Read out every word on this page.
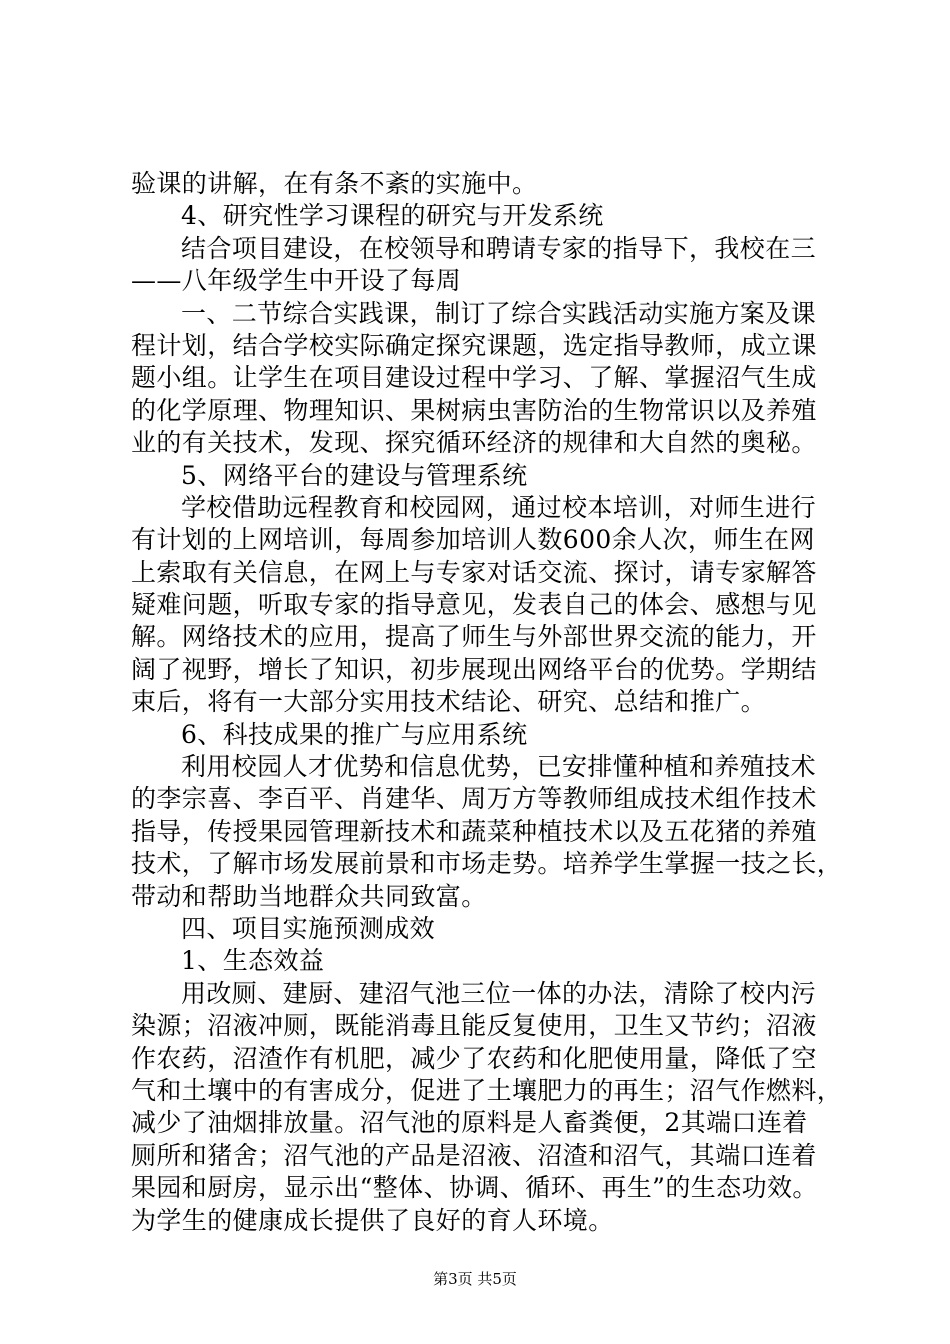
验课的讲解，在有条不紊的实施中。
4、研究性学习课程的研究与开发系统
结合项目建设，在校领导和聘请专家的指导下，我校在三
——八年级学生中开设了每周
一、二节综合实践课，制订了综合实践活动实施方案及课
程计划，结合学校实际确定探究课题，选定指导教师，成立课
题小组。让学生在项目建设过程中学习、了解、掌握沼气生成
的化学原理、物理知识、果树病虫害防治的生物常识以及养殖
业的有关技术，发现、探究循环经济的规律和大自然的奥秘。
5、网络平台的建设与管理系统
学校借助远程教育和校园网，通过校本培训，对师生进行
有计划的上网培训，每周参加培训人数600余人次，师生在网
上索取有关信息，在网上与专家对话交流、探讨，请专家解答
疑难问题，听取专家的指导意见，发表自己的体会、感想与见
解。网络技术的应用，提高了师生与外部世界交流的能力，开
阔了视野，增长了知识，初步展现出网络平台的优势。学期结
束后，将有一大部分实用技术结论、研究、总结和推广。
6、科技成果的推广与应用系统
利用校园人才优势和信息优势，已安排懂种植和养殖技术
的李宗喜、李百平、肖建华、周万方等教师组成技术组作技术
指导，传授果园管理新技术和蔬菜种植技术以及五花猪的养殖
技术，了解市场发展前景和市场走势。培养学生掌握一技之长，
带动和帮助当地群众共同致富。
四、项目实施预测成效
1、生态效益
用改厕、建厨、建沼气池三位一体的办法，清除了校内污
染源；沼液冲厕，既能消毒且能反复使用，卫生又节约；沼液
作农药，沼渣作有机肥，减少了农药和化肥使用量，降低了空
气和土壤中的有害成分，促进了土壤肥力的再生；沼气作燃料，
减少了油烟排放量。沼气池的原料是人畜粪便，2其端口连着
厕所和猪舍；沼气池的产品是沼液、沼渣和沼气，其端口连着
果园和厨房，显示出“整体、协调、循环、再生”的生态功效。
为学生的健康成长提供了良好的育人环境。
第3页 共5页
